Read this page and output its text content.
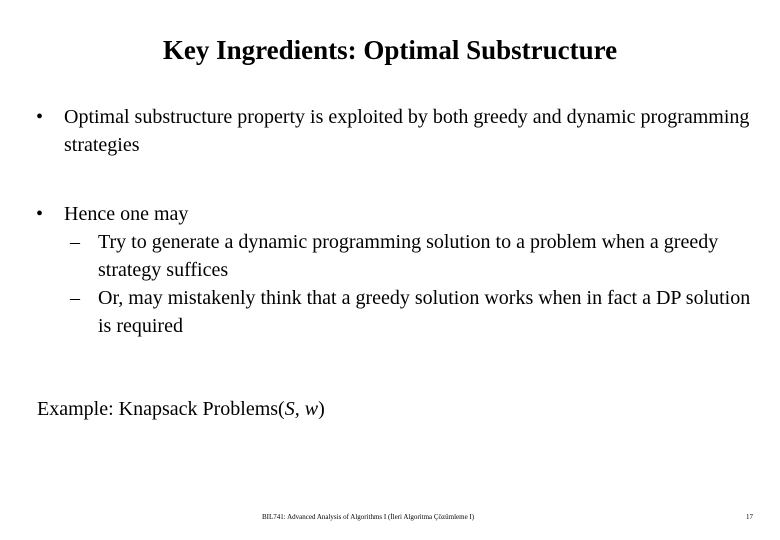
Key Ingredients: Optimal Substructure
•	Optimal substructure property is exploited by both greedy and dynamic programming strategies
•	Hence one may
– Try to generate a dynamic programming solution to a problem when a greedy strategy suffices
– Or, may mistakenly think that a greedy solution works when in fact a DP solution is required
Example: Knapsack Problems(S, w)
BIL741: Advanced Analysis of Algorithms I (İleri Algoritma Çözümleme I)	17
